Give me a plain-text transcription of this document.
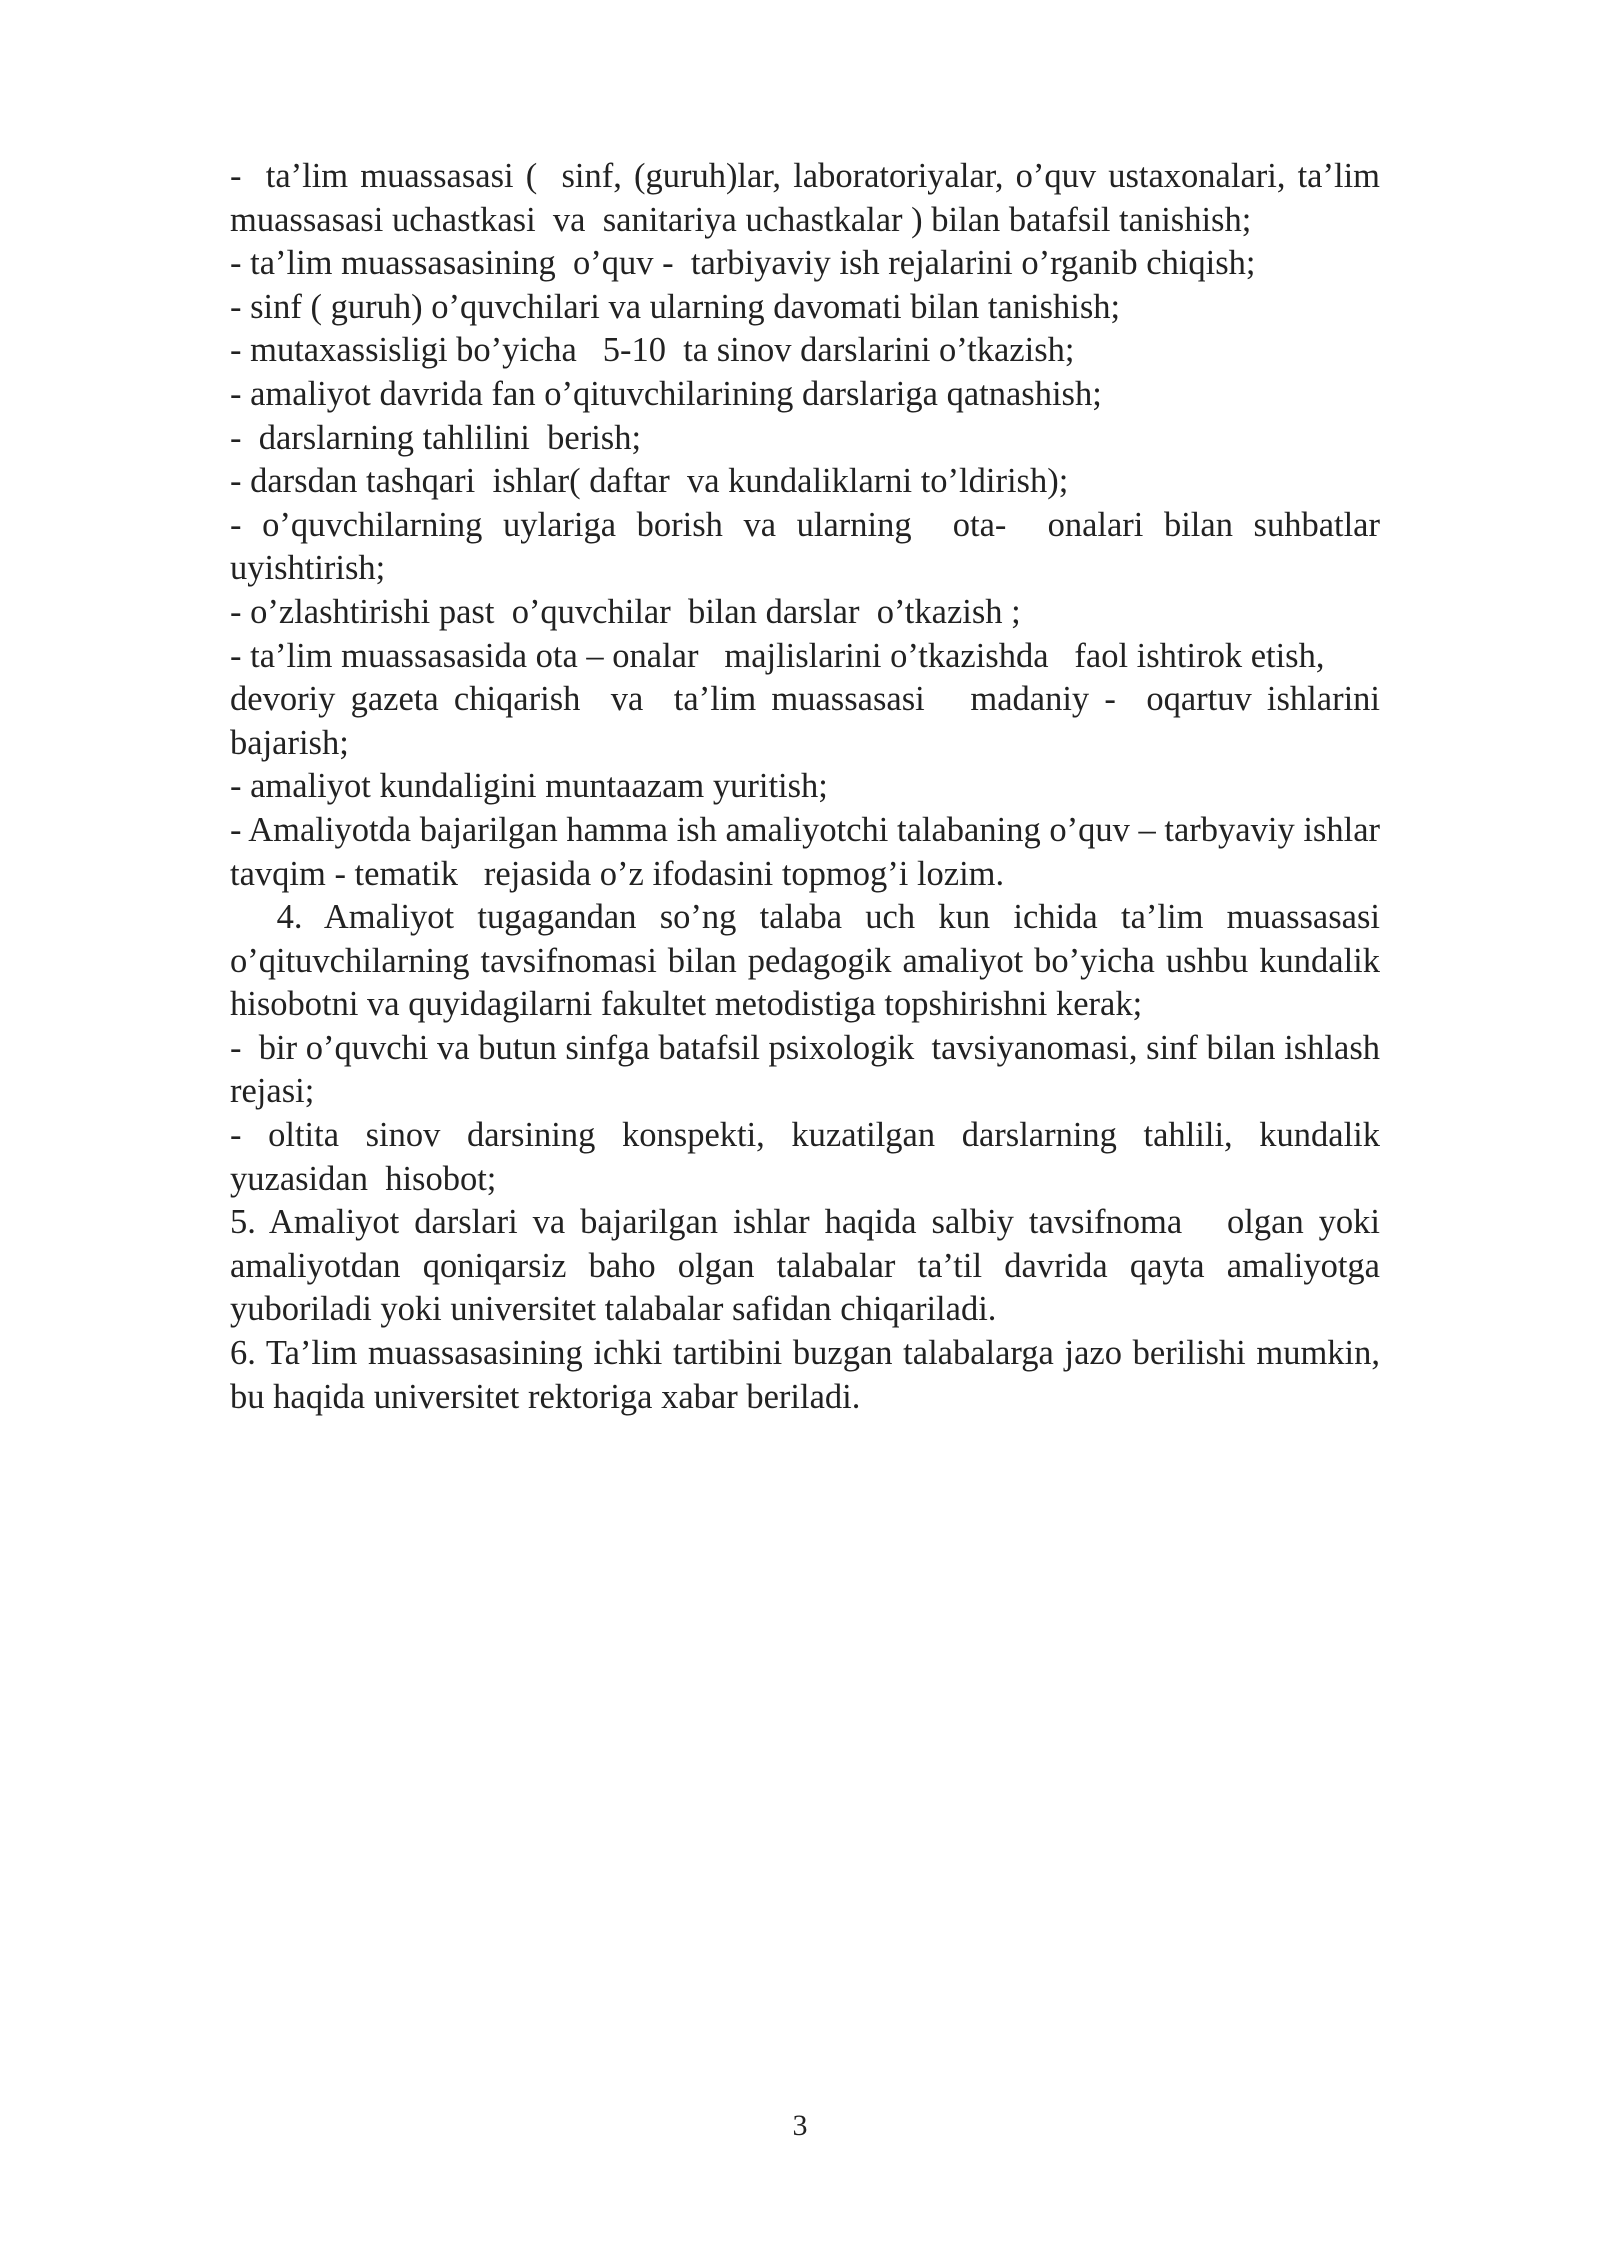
-  ta’lim muassasasi (  sinf, (guruh)lar, laboratoriyalar, o’quv ustaxonalari, ta’lim  muassasasi uchastkasi  va  sanitariya uchastkalar ) bilan batafsil tanishish;

- ta’lim muassasasining  o’quv -  tarbiyaviy ish rejalarini o’rganib chiqish;

- sinf ( guruh) o’quvchilari va ularning davomati bilan tanishish;

- mutaxassisligi bo’yicha   5-10  ta sinov darslarini o’tkazish;

- amaliyot davrida fan o’qituvchilarining darslariga qatnashish;

-  darslarning tahlilini  berish;

- darsdan tashqari  ishlar( daftar  va kundaliklarni to’ldirish);

- o’quvchilarning uylariga borish va ularning  ota-  onalari bilan suhbatlar uyishtirish;

- o’zlashtirishi past  o’quvchilar  bilan darslar  o’tkazish ;

- ta’lim muassasasida ota – onalar   majlislarini o’tkazishda   faol ishtirok etish,

devoriy gazeta chiqarish  va  ta’lim muassasasi   madaniy -  oqartuv ishlarini  bajarish;

- amaliyot kundaligini muntaazam yuritish;

- Amaliyotda bajarilgan hamma ish amaliyotchi talabaning o’quv – tarbyaviy ishlar tavqim - tematik   rejasida o’z ifodasini topmog’i lozim.

4. Amaliyot tugagandan so’ng talaba uch kun ichida ta’lim muassasasi o’qituvchilarning tavsifnomasi bilan pedagogik amaliyot bo’yicha ushbu kundalik hisobotni va quyidagilarni fakultet metodistiga topshirishni kerak;

-  bir o’quvchi va butun sinfga batafsil psixologik  tavsiyanomasi, sinf bilan ishlash rejasi;

- oltita sinov darsining konspekti, kuzatilgan darslarning tahlili, kundalik yuzasidan  hisobot;

5. Amaliyot darslari va bajarilgan ishlar haqida salbiy tavsifnoma   olgan yoki amaliyotdan qoniqarsiz baho olgan talabalar ta’til davrida qayta amaliyotga yuboriladi yoki universitet talabalar safidan chiqariladi.

6. Ta’lim muassasasining ichki tartibini buzgan talabalarga jazo berilishi mumkin, bu haqida universitet rektoriga xabar beriladi.

3
